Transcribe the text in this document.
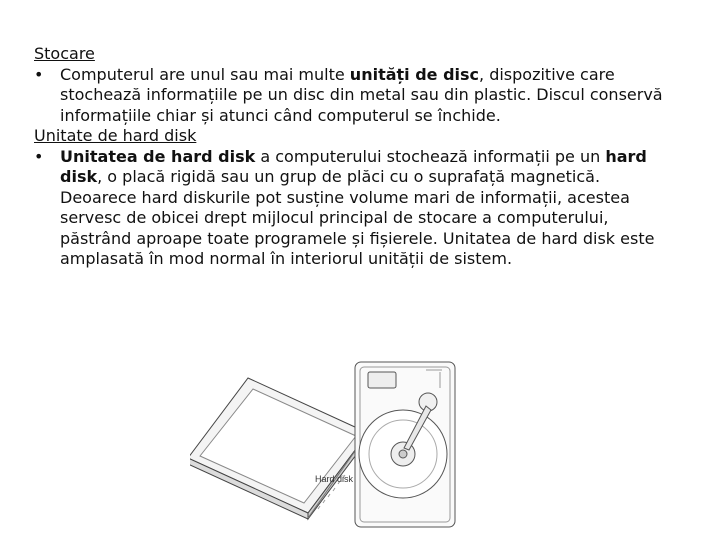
Stocare

• Computerul are unul sau mai multe unități de disc, dispozitive care stochează informațiile pe un disc din metal sau din plastic. Discul conservă informațiile chiar și atunci când computerul se închide.

Unitate de hard disk

• Unitatea de hard disk a computerului stochează informații pe un hard disk, o placă rigidă sau un grup de plăci cu o suprafață magnetică. Deoarece hard diskurile pot susține volume mari de informații, acestea servesc de obicei drept mijlocul principal de stocare a computerului, păstrând aproape toate programele și fișierele. Unitatea de hard disk este amplasată în mod normal în interiorul unității de sistem.

Hard disk
